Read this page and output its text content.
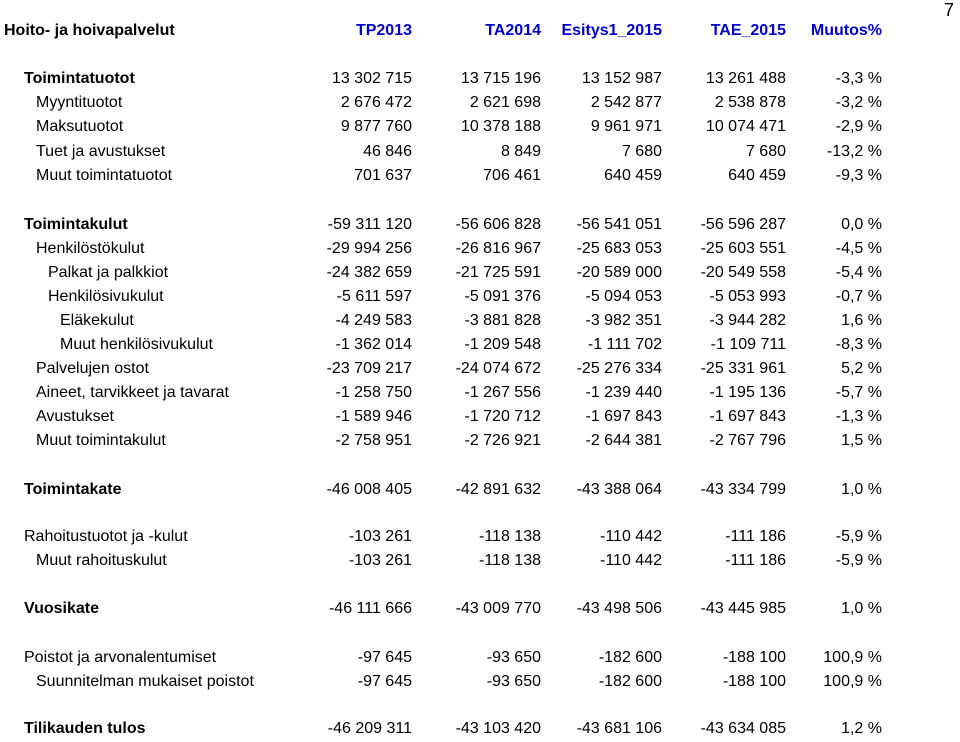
7
Hoito- ja hoivapalvelut	TP2013	TA2014	Esitys1_2015	TAE_2015	Muutos%
Toimintatuotot	13 302 715	13 715 196	13 152 987	13 261 488	-3,3 %
Myyntituotot	2 676 472	2 621 698	2 542 877	2 538 878	-3,2 %
Maksutuotot	9 877 760	10 378 188	9 961 971	10 074 471	-2,9 %
Tuet ja avustukset	46 846	8 849	7 680	7 680	-13,2 %
Muut toimintatuotot	701 637	706 461	640 459	640 459	-9,3 %
Toimintakulut	-59 311 120	-56 606 828	-56 541 051	-56 596 287	0,0 %
Henkilöstökulut	-29 994 256	-26 816 967	-25 683 053	-25 603 551	-4,5 %
Palkat ja palkkiot	-24 382 659	-21 725 591	-20 589 000	-20 549 558	-5,4 %
Henkilösivukulut	-5 611 597	-5 091 376	-5 094 053	-5 053 993	-0,7 %
Eläkekulut	-4 249 583	-3 881 828	-3 982 351	-3 944 282	1,6 %
Muut henkilösivukulut	-1 362 014	-1 209 548	-1 111 702	-1 109 711	-8,3 %
Palvelujen ostot	-23 709 217	-24 074 672	-25 276 334	-25 331 961	5,2 %
Aineet, tarvikkeet ja tavarat	-1 258 750	-1 267 556	-1 239 440	-1 195 136	-5,7 %
Avustukset	-1 589 946	-1 720 712	-1 697 843	-1 697 843	-1,3 %
Muut toimintakulut	-2 758 951	-2 726 921	-2 644 381	-2 767 796	1,5 %
Toimintakate	-46 008 405	-42 891 632	-43 388 064	-43 334 799	1,0 %
Rahoitustuotot ja -kulut	-103 261	-118 138	-110 442	-111 186	-5,9 %
Muut rahoituskulut	-103 261	-118 138	-110 442	-111 186	-5,9 %
Vuosikate	-46 111 666	-43 009 770	-43 498 506	-43 445 985	1,0 %
Poistot ja arvonalentumiset	-97 645	-93 650	-182 600	-188 100	100,9 %
Suunnitelman mukaiset poistot	-97 645	-93 650	-182 600	-188 100	100,9 %
Tilikauden tulos	-46 209 311	-43 103 420	-43 681 106	-43 634 085	1,2 %
